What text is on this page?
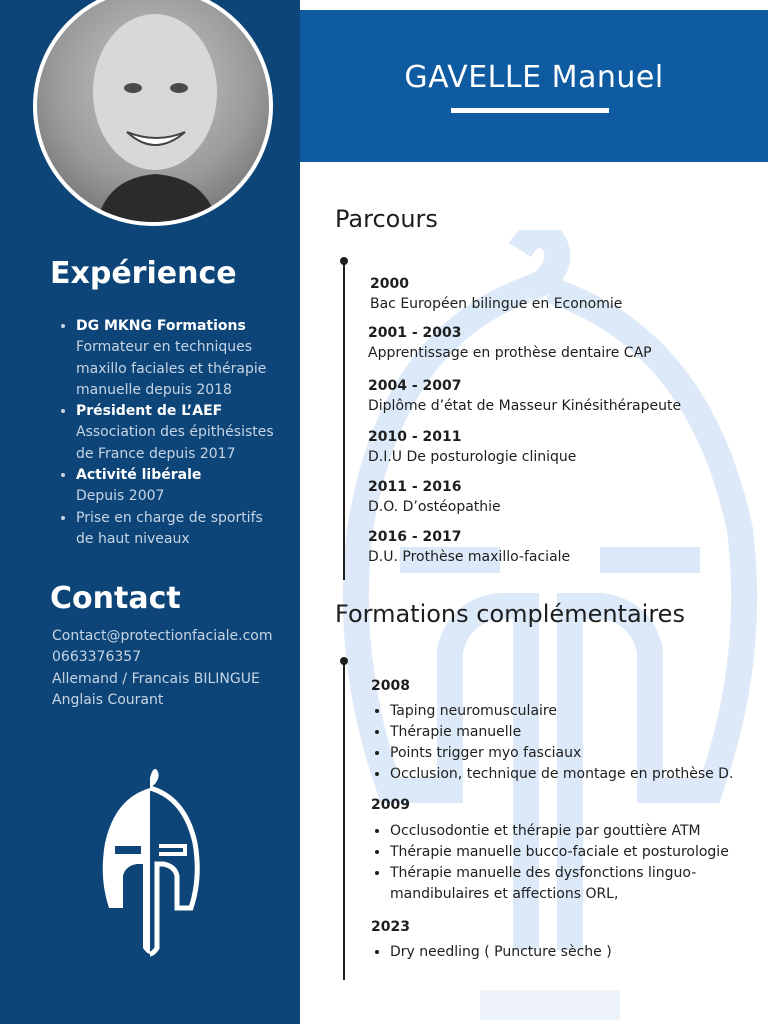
Expérience
• DG MKNG Formations
Formateur en techniques
maxillo faciales et thérapie
manuelle depuis 2018
• Président de L’AEF
Association des épithésistes
de France depuis 2017
• Activité libérale
Depuis 2007
• Prise en charge de sportifs
de haut niveaux
Contact
Contact@protectionfaciale.com
0663376357
Allemand / Francais BILINGUE
Anglais Courant
GAVELLE Manuel
Parcours
2000
Bac Européen bilingue en Economie
2001 - 2003
Apprentissage en prothèse dentaire CAP
2004 - 2007
Diplôme d’état de Masseur Kinésithérapeute
2010 - 2011
D.I.U De posturologie clinique
2011 - 2016
D.O. D’ostéopathie
2016 - 2017
D.U. Prothèse maxillo-faciale
Formations complémentaires
2008
• Taping neuromusculaire
• Thérapie manuelle
• Points trigger myo fasciaux
• Occlusion, technique de montage en prothèse D.
2009
• Occlusodontie et thérapie par gouttière ATM
• Thérapie manuelle bucco-faciale et posturologie
• Thérapie manuelle des dysfonctions linguo-mandibulaires et affections ORL,
2023
• Dry needling ( Puncture sèche )
